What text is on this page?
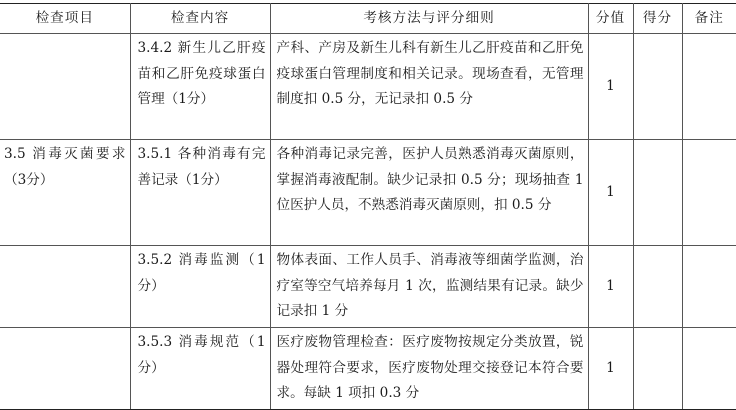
检查项目	检查内容	考核方法与评分细则	分值	得分	备注
	3.4.2 新生儿乙肝疫苗和乙肝免疫球蛋白管理（1分）	产科、产房及新生儿科有新生儿乙肝疫苗和乙肝免疫球蛋白管理制度和相关记录。现场查看，无管理制度扣 0.5 分，无记录扣 0.5 分	1		
3.5 消毒灭菌要求（3分）	3.5.1 各种消毒有完善记录（1分）	各种消毒记录完善，医护人员熟悉消毒灭菌原则，掌握消毒液配制。缺少记录扣 0.5 分；现场抽查 1 位医护人员，不熟悉消毒灭菌原则，扣 0.5 分	1		
	3.5.2 消毒监测（1分）	物体表面、工作人员手、消毒液等细菌学监测，治疗室等空气培养每月 1 次，监测结果有记录。缺少记录扣 1 分	1		
	3.5.3 消毒规范（1分）	医疗废物管理检查：医疗废物按规定分类放置，锐器处理符合要求，医疗废物处理交接登记本符合要求。每缺 1 项扣 0.3 分	1		
